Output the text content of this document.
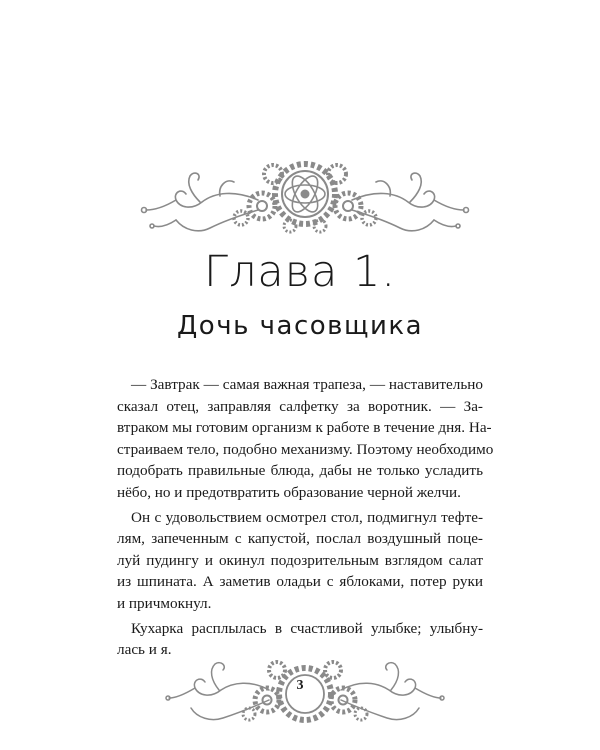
Глава 1.
Дочь часовщика
— Завтрак — самая важная трапеза, — наставительно
сказал отец, заправляя салфетку за воротник. — За-
втраком мы готовим организм к работе в течение дня. На-
страиваем тело, подобно механизму. Поэтому необходимо
подобрать правильные блюда, дабы не только усладить
нёбо, но и предотвратить образование черной желчи.
Он с удовольствием осмотрел стол, подмигнул тефте-
лям, запеченным с капустой, послал воздушный поце-
луй пудингу и окинул подозрительным взглядом салат
из шпината. А заметив оладьи с яблоками, потер руки
и причмокнул.
Кухарка расплылась в счастливой улыбке; улыбну-
лась и я.
3
